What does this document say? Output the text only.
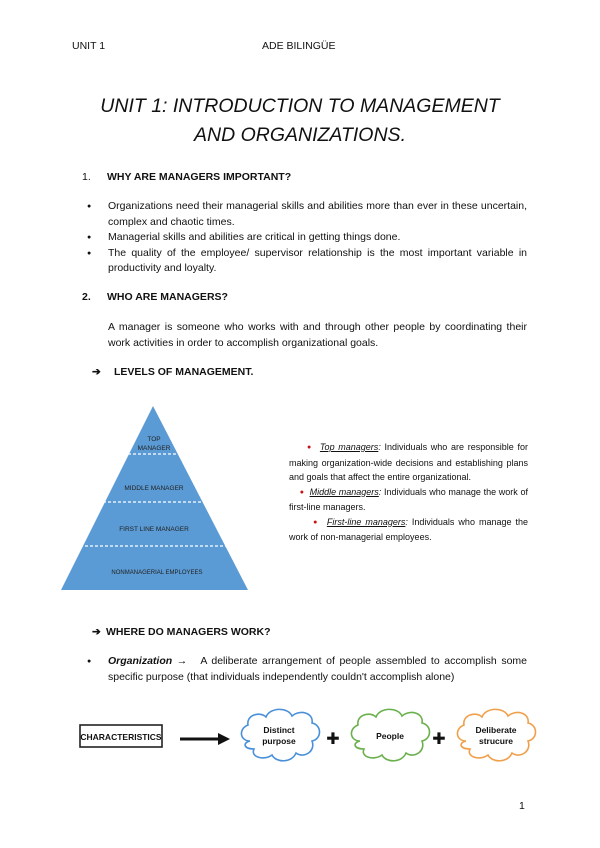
UNIT 1	ADE BILINGÜE
UNIT 1: INTRODUCTION TO MANAGEMENT
AND ORGANIZATIONS.
1. WHY ARE MANAGERS IMPORTANT?
● Organizations need their managerial skills and abilities more than ever in these uncertain, complex and chaotic times.
● Managerial skills and abilities are critical in getting things done.
● The quality of the employee/ supervisor relationship is the most important variable in productivity and loyalty.
2. WHO ARE MANAGERS?

A manager is someone who works with and through other people by coordinating their work activities in order to accomplish organizational goals.

➔ LEVELS OF MANAGEMENT.
TOP
MANAGER
MIDDLE MANAGER
FIRST LINE MANAGER
NONMANAGERIAL EMPLOYEES
● Top managers: Individuals who are responsible for making organization-wide decisions and establishing plans and goals that affect the entire organizational.
● Middle managers: Individuals who manage the work of first-line managers.
● First-line managers: Individuals who manage the work of non-managerial employees.
➔ WHERE DO MANAGERS WORK?
● Organization → A deliberate arrangement of people assembled to accomplish some specific purpose (that individuals independently couldn't accomplish alone)
CHARACTERISTICS
Distinct
purpose ✚	People ✚
Deliberate
strucure
1
